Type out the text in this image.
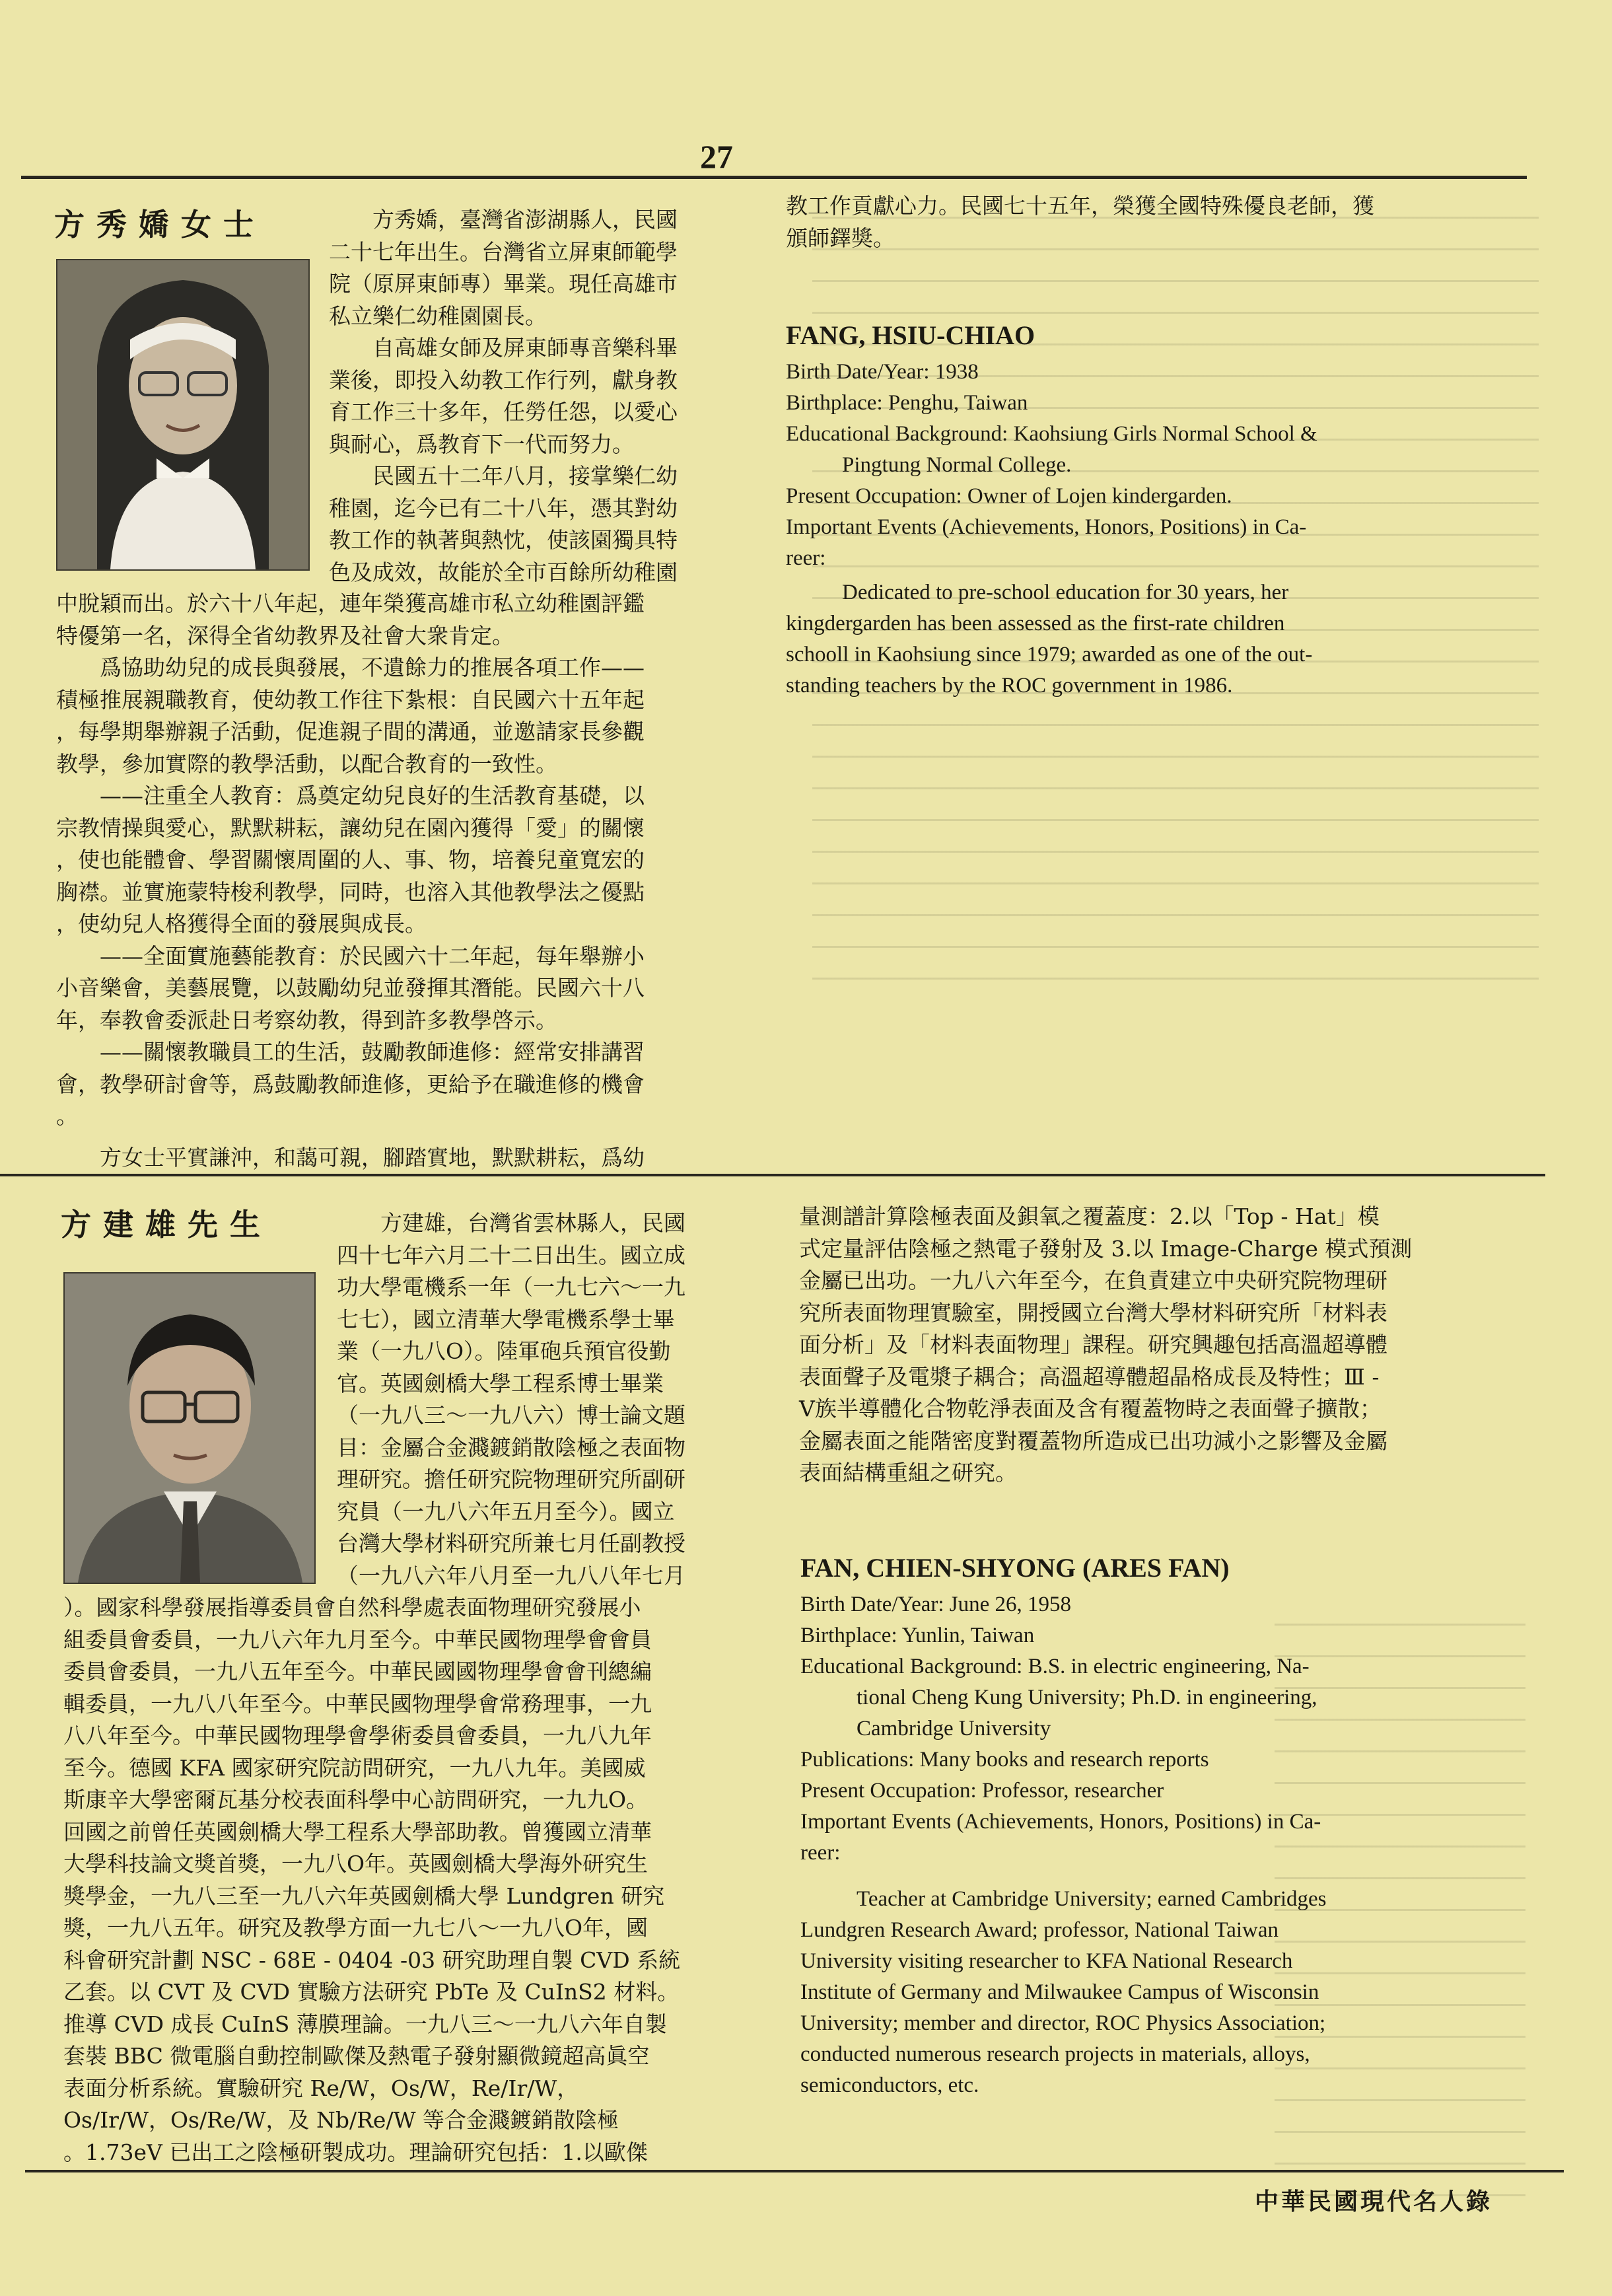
27
方秀嬌女士	方秀嬌，臺灣省澎湖縣人，民國

二十七年出生。台灣省立屏東師範學

院（原屏東師專）畢業。現任高雄市

私立樂仁幼稚園園長。

自高雄女師及屏東師專音樂科畢

業後，即投入幼教工作行列，獻身教

育工作三十多年，任勞任怨，以愛心

與耐心，爲教育下一代而努力。

民國五十二年八月，接掌樂仁幼

稚園，迄今已有二十八年，憑其對幼

教工作的執著與熱忱，使該園獨具特

色及成效，故能於全市百餘所幼稚園

中脫穎而出。於六十八年起，連年榮獲高雄市私立幼稚園評鑑

特優第一名，深得全省幼教界及社會大衆肯定。

爲協助幼兒的成長與發展，不遺餘力的推展各項工作——

積極推展親職教育，使幼教工作往下紮根：自民國六十五年起

，每學期舉辦親子活動，促進親子間的溝通，並邀請家長參觀

教學，參加實際的教學活動，以配合教育的一致性。

——注重全人教育：爲奠定幼兒良好的生活教育基礎，以

宗教情操與愛心，默默耕耘，讓幼兒在園內獲得「愛」的關懷

，使也能體會、學習關懷周圍的人、事、物，培養兒童寬宏的

胸襟。並實施蒙特梭利教學，同時，也溶入其他教學法之優點

，使幼兒人格獲得全面的發展與成長。

——全面實施藝能教育：於民國六十二年起，每年舉辦小

小音樂會，美藝展覽，以鼓勵幼兒並發揮其潛能。民國六十八

年，奉教會委派赴日考察幼教，得到許多教學啓示。

——關懷教職員工的生活，鼓勵教師進修：經常安排講習

會，教學研討會等，爲鼓勵教師進修，更給予在職進修的機會

。

方女士平實謙沖，和藹可親，腳踏實地，默默耕耘，爲幼

教工作貢獻心力。民國七十五年，榮獲全國特殊優良老師，獲

頒師鐸獎。

FANG, HSIU-CHIAO

Birth Date/Year: 1938

Birthplace: Penghu, Taiwan

Educational Background: Kaohsiung Girls Normal School &

Pingtung Normal College.

Present Occupation: Owner of Lojen kindergarden.

Important Events (Achievements, Honors, Positions) in Ca-

reer:

Dedicated to pre-school education for 30 years, her

kingdergarden has been assessed as the first-rate children

schooll in Kaohsiung since 1979; awarded as one of the out-

standing teachers by the ROC government in 1986.

方建雄先生	方建雄，台灣省雲林縣人，民國

四十七年六月二十二日出生。國立成

功大學電機系一年（一九七六～一九

七七），國立清華大學電機系學士畢

業（一九八O）。陸軍砲兵預官役勤

官。英國劍橋大學工程系博士畢業

（一九八三～一九八六）博士論文題

目：金屬合金濺鍍銷散陰極之表面物

理研究。擔任研究院物理研究所副研

究員（一九八六年五月至今）。國立

台灣大學材料研究所兼七月任副教授

（一九八六年八月至一九八八年七月

）。國家科學發展指導委員會自然科學處表面物理研究發展小

組委員會委員，一九八六年九月至今。中華民國物理學會會員

委員會委員，一九八五年至今。中華民國國物理學會會刊總編

輯委員，一九八八年至今。中華民國物理學會常務理事，一九

八八年至今。中華民國物理學會學術委員會委員，一九八九年

至今。德國 KFA 國家研究院訪問研究，一九八九年。美國威

斯康辛大學密爾瓦基分校表面科學中心訪問研究，一九九O。

回國之前曾任英國劍橋大學工程系大學部助教。曾獲國立清華

大學科技論文獎首獎，一九八O年。英國劍橋大學海外研究生

獎學金，一九八三至一九八六年英國劍橋大學 Lundgren 研究

獎，一九八五年。研究及教學方面一九七八～一九八O年，國

科會研究計劃 NSC - 68E - 0404 -03 研究助理自製 CVD 系統

乙套。以 CVT 及 CVD 實驗方法研究 PbTe 及 CuInS2 材料。

推導 CVD 成長 CuInS 薄膜理論。一九八三～一九八六年自製

套裝 BBC 微電腦自動控制歐傑及熱電子發射顯微鏡超高眞空

表面分析系統。實驗研究 Re/W，Os/W，Re/Ir/W，

Os/Ir/W，Os/Re/W，及 Nb/Re/W 等合金濺鍍銷散陰極

。1.73eV 已出工之陰極研製成功。理論研究包括：1.以歐傑

量測譜計算陰極表面及鋇氧之覆蓋度：2.以「Top - Hat」模

式定量評估陰極之熱電子發射及 3.以 Image-Charge 模式預測

金屬已出功。一九八六年至今，在負責建立中央研究院物理研

究所表面物理實驗室，開授國立台灣大學材料研究所「材料表

面分析」及「材料表面物理」課程。研究興趣包括高溫超導體

表面聲子及電漿子耦合；高溫超導體超晶格成長及特性；Ⅲ -

Ⅴ族半導體化合物乾淨表面及含有覆蓋物時之表面聲子擴散；

金屬表面之能階密度對覆蓋物所造成已出功減小之影響及金屬

表面結構重組之研究。

FAN, CHIEN-SHYONG (ARES FAN)

Birth Date/Year: June 26, 1958

Birthplace: Yunlin, Taiwan

Educational Background: B.S. in electric engineering, Na-

tional Cheng Kung University; Ph.D. in engineering,

Cambridge University

Publications: Many books and research reports

Present Occupation: Professor, researcher

Important Events (Achievements, Honors, Positions) in Ca-

reer:

Teacher at Cambridge University; earned Cambridges

Lundgren Research Award; professor, National Taiwan

University visiting researcher to KFA National Research

Institute of Germany and Milwaukee Campus of Wisconsin

University; member and director, ROC Physics Association;

conducted numerous research projects in materials, alloys,

semiconductors, etc.

中華民國現代名人錄
